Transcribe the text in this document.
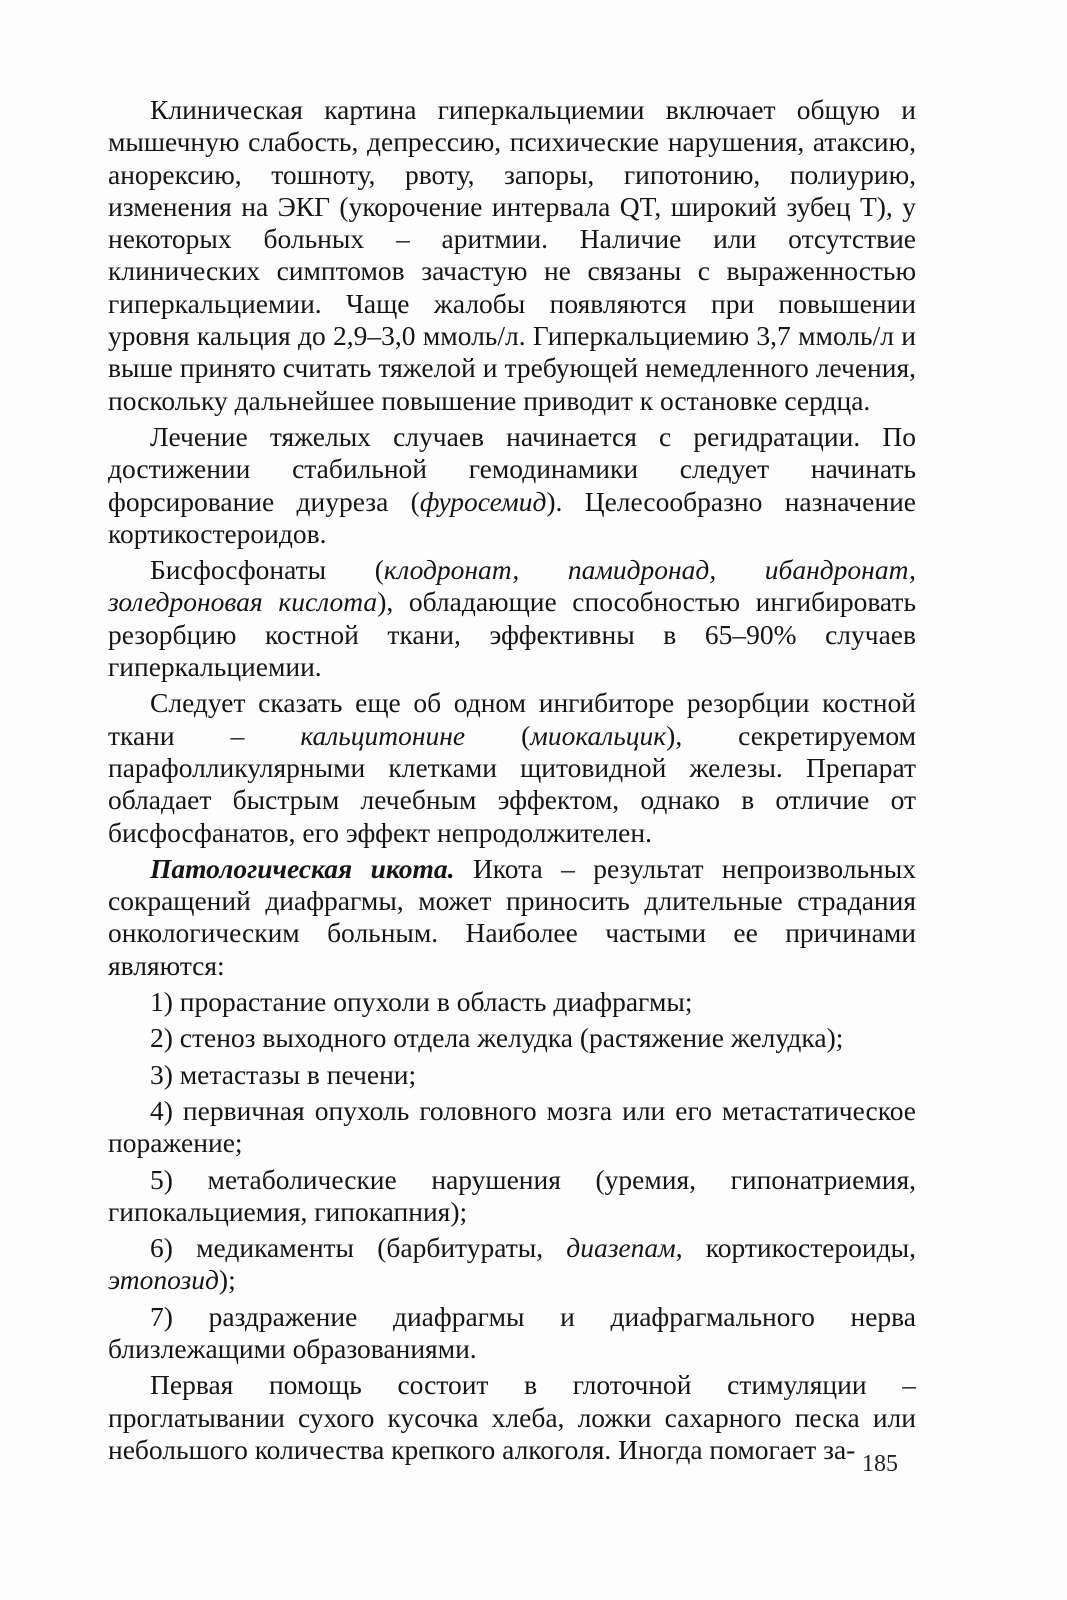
Клиническая картина гиперкальциемии включает общую и мышечную слабость, депрессию, психические нарушения, атаксию, анорексию, тошноту, рвоту, запоры, гипотонию, полиурию, изменения на ЭКГ (укорочение интервала QT, широкий зубец T), у некоторых больных – аритмии. Наличие или отсутствие клинических симптомов зачастую не связаны с выраженностью гиперкальциемии. Чаще жалобы появляются при повышении уровня кальция до 2,9–3,0 ммоль/л. Гиперкальциемию 3,7 ммоль/л и выше принято считать тяжелой и требующей немедленного лечения, поскольку дальнейшее повышение приводит к остановке сердца.

Лечение тяжелых случаев начинается с регидратации. По достижении стабильной гемодинамики следует начинать форсирование диуреза (фуросемид). Целесообразно назначение кортикостероидов.

Бисфосфонаты (клодронат, памидронад, ибандронат, золедроновая кислота), обладающие способностью ингибировать резорбцию костной ткани, эффективны в 65–90% случаев гиперкальциемии.

Следует сказать еще об одном ингибиторе резорбции костной ткани – кальцитонине (миокальцик), секретируемом парафолликулярными клетками щитовидной железы. Препарат обладает быстрым лечебным эффектом, однако в отличие от бисфосфанатов, его эффект непродолжителен.

Патологическая икота. Икота – результат непроизвольных сокращений диафрагмы, может приносить длительные страдания онкологическим больным. Наиболее частыми ее причинами являются:

1) прорастание опухоли в область диафрагмы;

2) стеноз выходного отдела желудка (растяжение желудка);

3) метастазы в печени;

4) первичная опухоль головного мозга или его метастатическое поражение;

5) метаболические нарушения (уремия, гипонатриемия, гипокальциемия, гипокапния);

6) медикаменты (барбитураты, диазепам, кортикостероиды, этопозид);

7) раздражение диафрагмы и диафрагмального нерва близлежащими образованиями.

Первая помощь состоит в глоточной стимуляции – проглатывании сухого кусочка хлеба, ложки сахарного песка или небольшого количества крепкого алкоголя. Иногда помогает за- 185
